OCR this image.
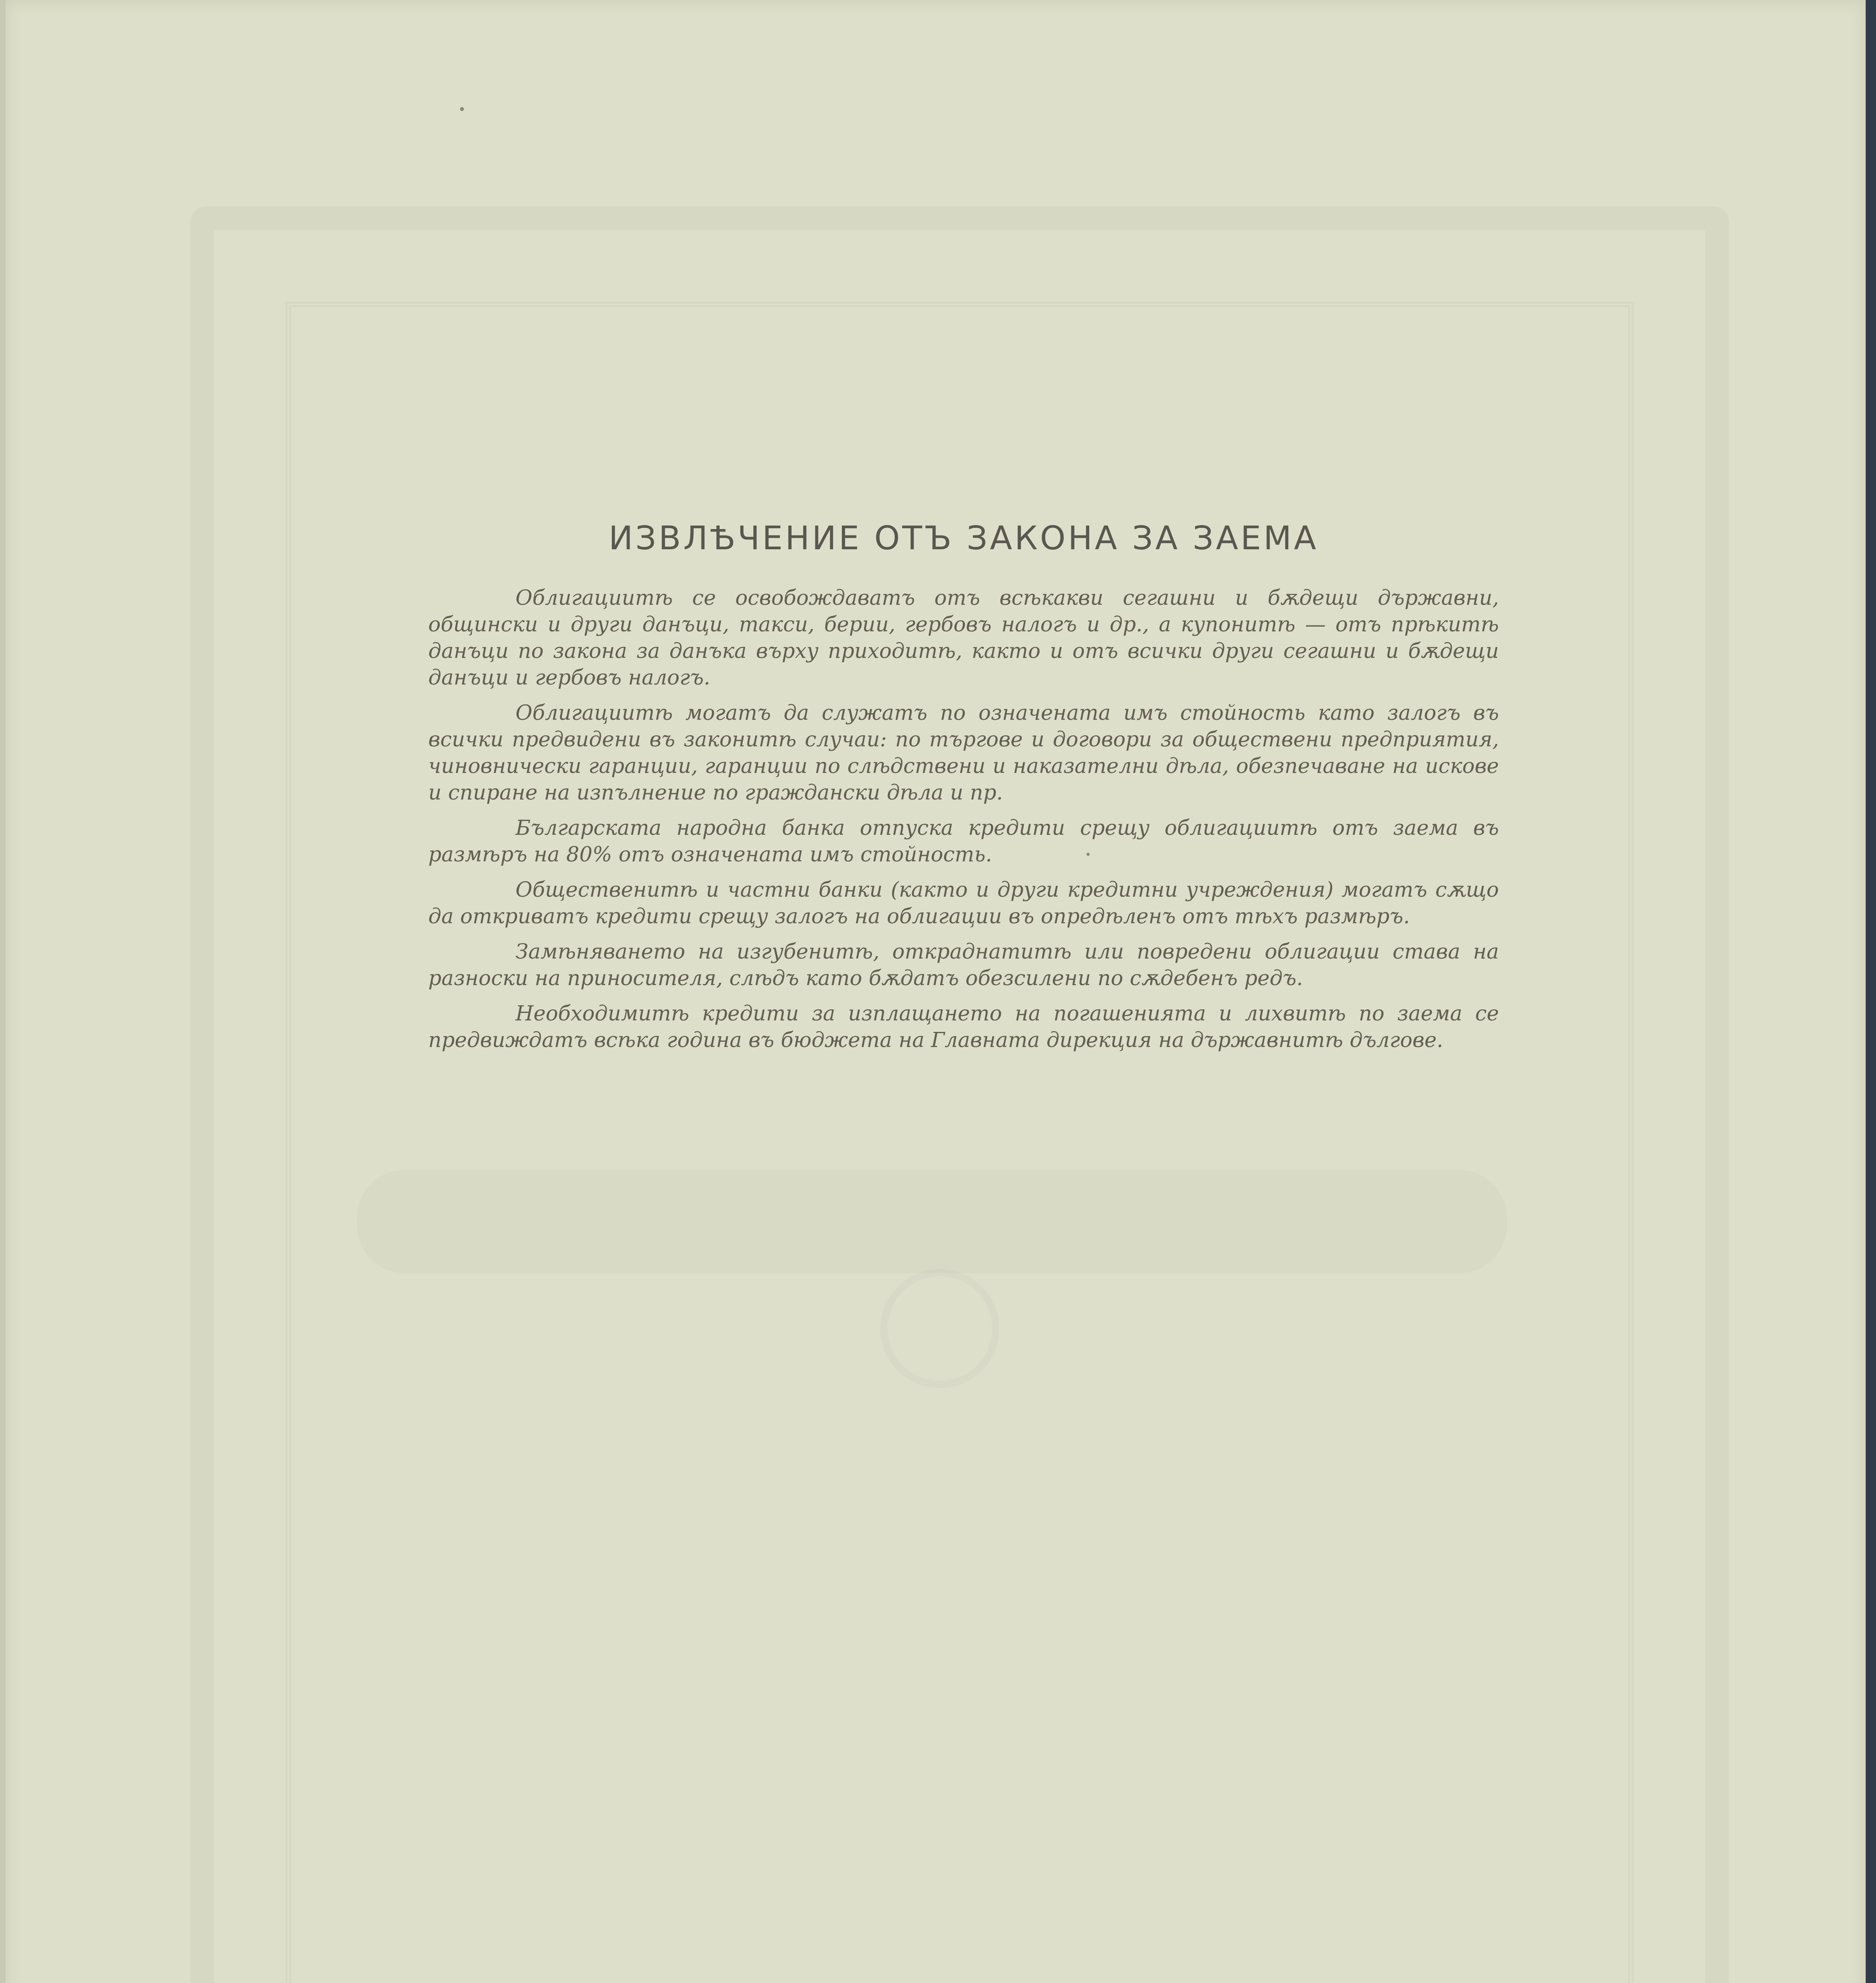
ИЗВЛѢЧЕНИЕ ОТЪ ЗАКОНА ЗА ЗАЕМА

Облигациитѣ се освобождаватъ отъ всѣкакви сегашни и бѫдещи държавни, общински и други данъци, такси, берии, гербовъ налогъ и др., а купонитѣ — отъ прѣкитѣ данъци по закона за данъка върху приходитѣ, както и отъ всички други сегашни и бѫдещи данъци и гербовъ налогъ.

Облигациитѣ могатъ да служатъ по означената имъ стойность като залогъ въ всички предвидени въ законитѣ случаи: по търгове и договори за обществени предприятия, чиновнически гаранции, гаранции по слѣдствени и наказателни дѣла, обезпечаване на искове и спиране на изпълнение по граждански дѣла и пр.

Българската народна банка отпуска кредити срещу облигациитѣ отъ заема въ размѣръ на 80% отъ означената имъ стойность.

Общественитѣ и частни банки (както и други кредитни учреждения) могатъ сѫщо да откриватъ кредити срещу залогъ на облигации въ опредѣленъ отъ тѣхъ размѣръ.

Замѣняването на изгубенитѣ, откраднатитѣ или повредени облигации става на разноски на приносителя, слѣдъ като бѫдатъ обезсилени по сѫдебенъ редъ.

Необходимитѣ кредити за изплащането на погашенията и лихвитѣ по заема се предвиждатъ всѣка година въ бюджета на Главната дирекция на държавнитѣ дългове.
